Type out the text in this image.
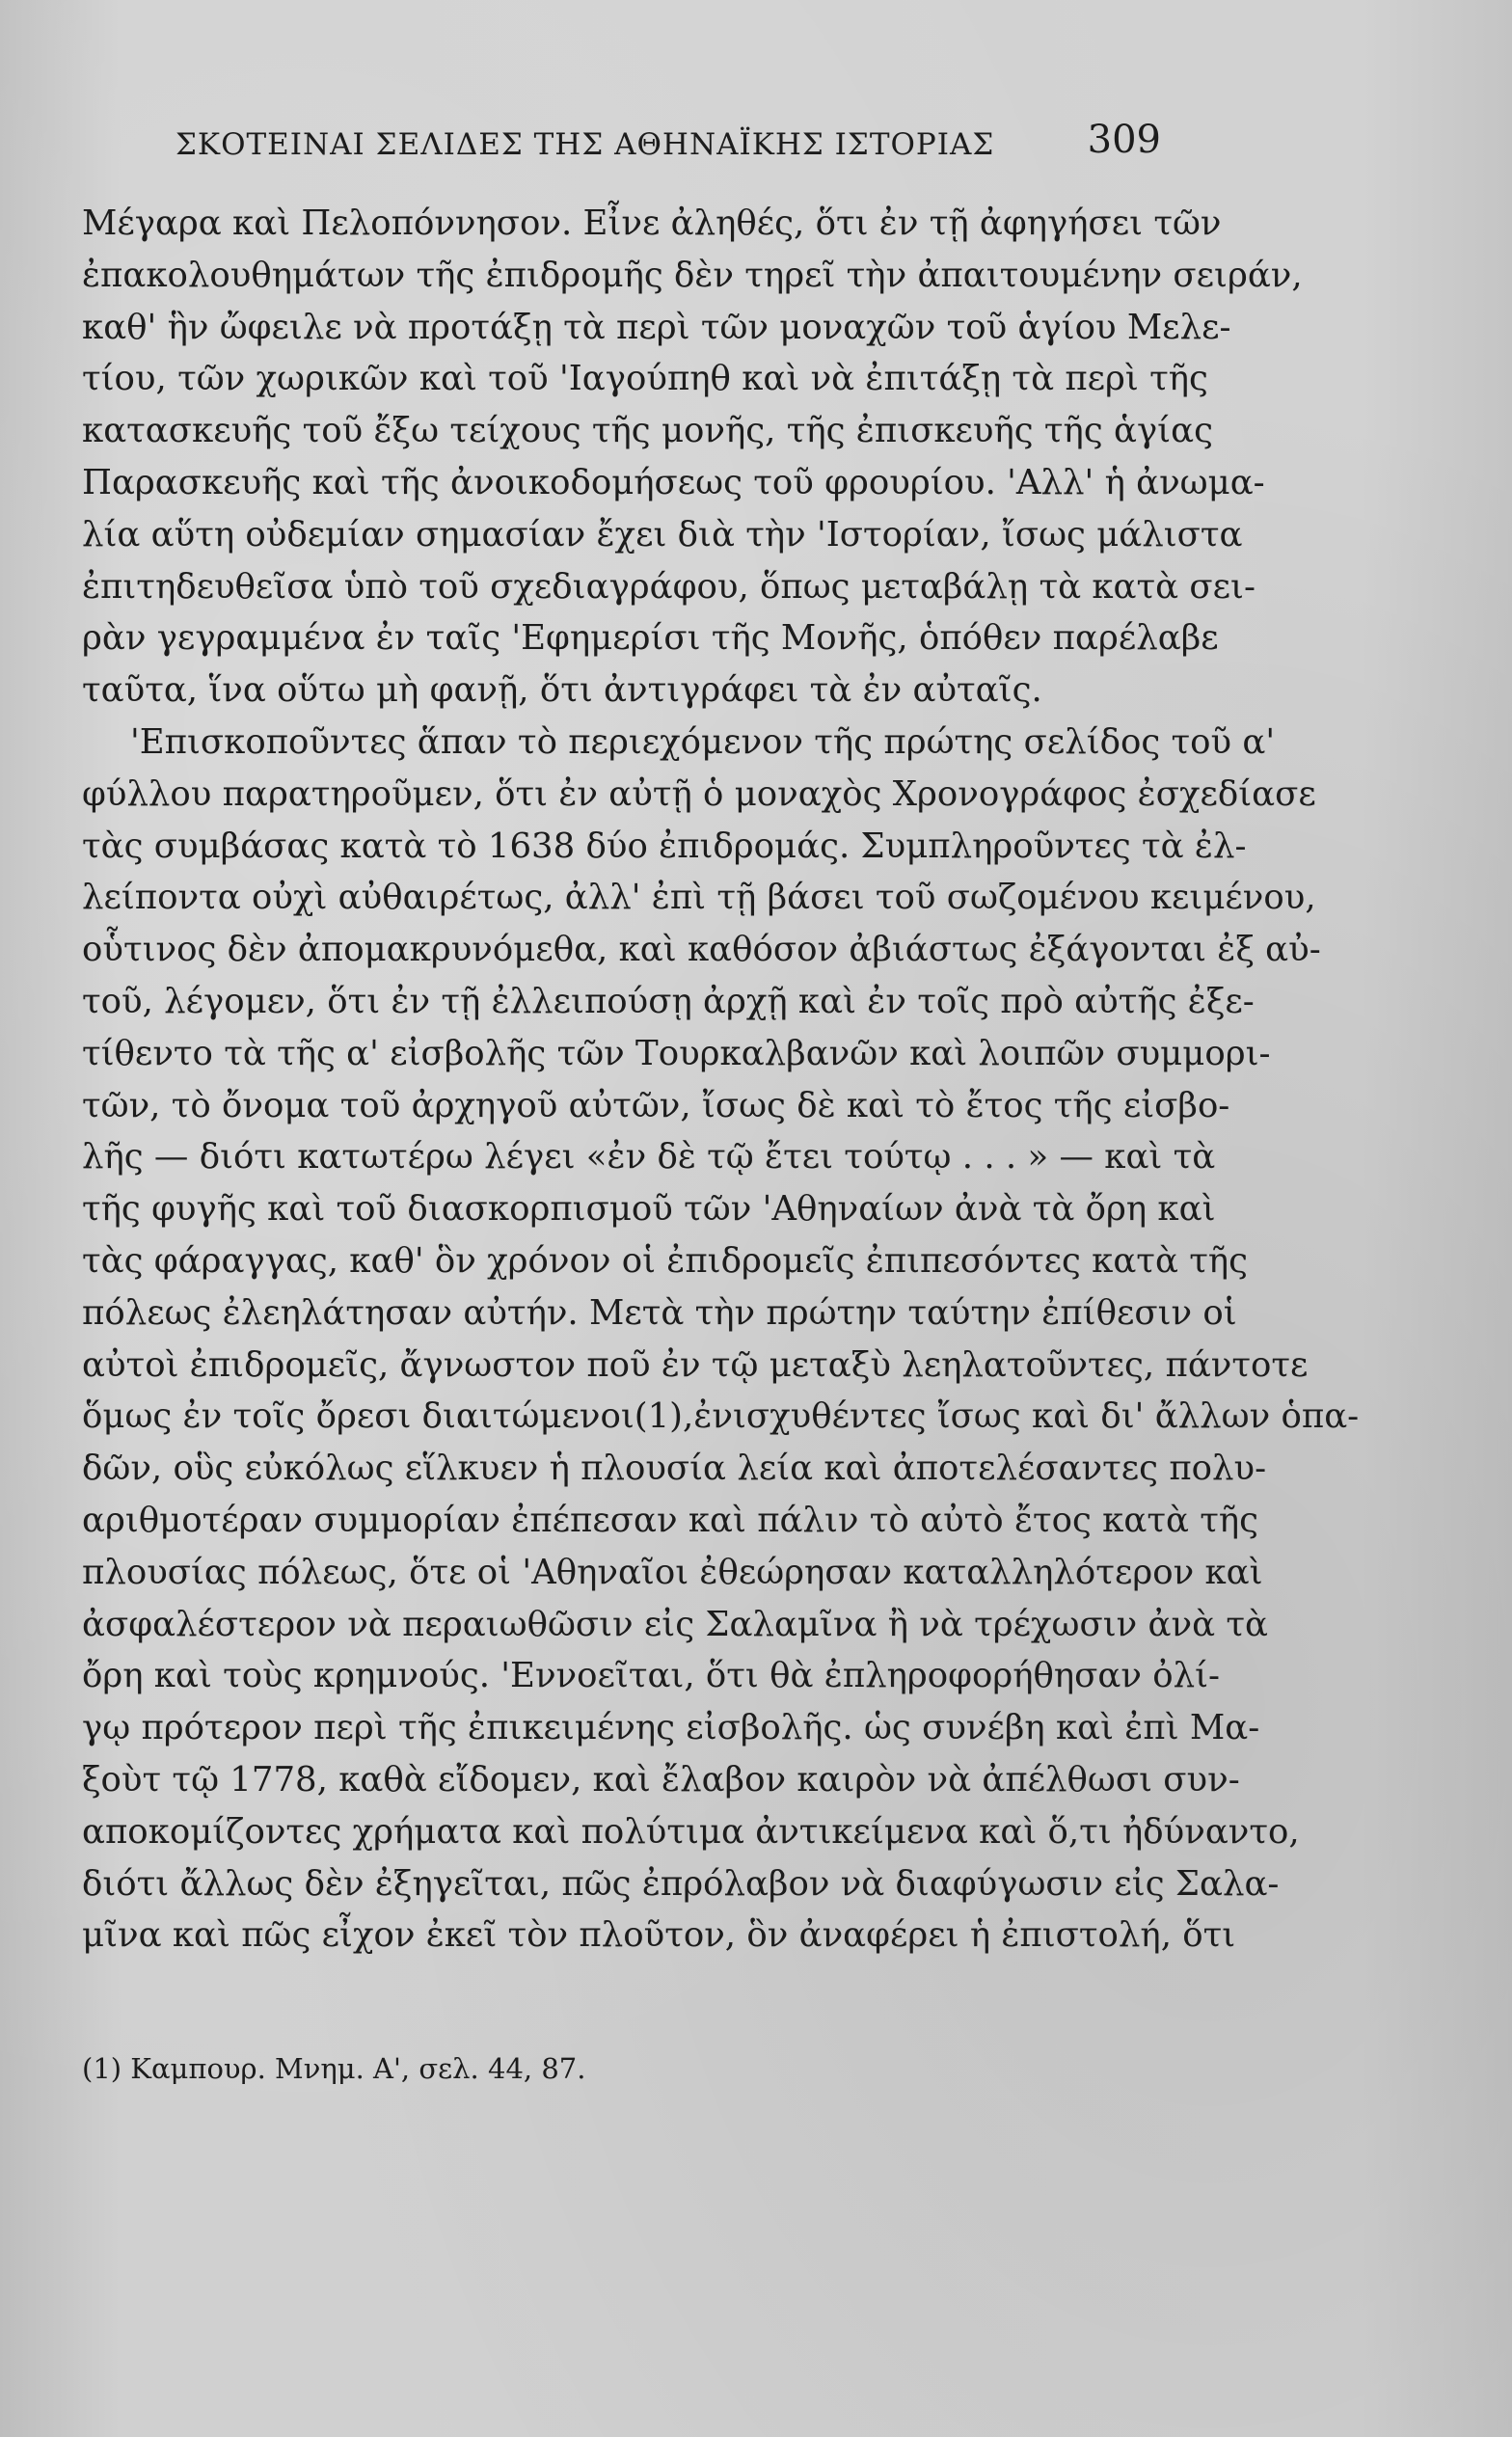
ΣΚΟΤΕΙΝΑΙ ΣΕΛΙΔΕΣ ΤΗΣ ΑΘΗΝΑΪΚΗΣ ΙΣΤΟΡΙΑΣ 309
Μέγαρα καὶ Πελοπόννησον. Εἶνε ἀληθές, ὅτι ἐν τῇ ἀφηγήσει τῶν
ἐπακολουθημάτων τῆς ἐπιδρομῆς δὲν τηρεῖ τὴν ἀπαιτουμένην σειράν,
καθ' ἣν ὤφειλε νὰ προτάξῃ τὰ περὶ τῶν μοναχῶν τοῦ ἁγίου Μελε-
τίου, τῶν χωρικῶν καὶ τοῦ 'Ιαγούπηθ καὶ νὰ ἐπιτάξῃ τὰ περὶ τῆς
κατασκευῆς τοῦ ἔξω τείχους τῆς μονῆς, τῆς ἐπισκευῆς τῆς ἁγίας
Παρασκευῆς καὶ τῆς ἀνοικοδομήσεως τοῦ φρουρίου. 'Αλλ' ἡ ἀνωμα-
λία αὕτη οὐδεμίαν σημασίαν ἔχει διὰ τὴν 'Ιστορίαν, ἴσως μάλιστα
ἐπιτηδευθεῖσα ὑπὸ τοῦ σχεδιαγράφου, ὅπως μεταβάλῃ τὰ κατὰ σει-
ρὰν γεγραμμένα ἐν ταῖς 'Εφημερίσι τῆς Μονῆς, ὁπόθεν παρέλαβε
ταῦτα, ἵνα οὕτω μὴ φανῇ, ὅτι ἀντιγράφει τὰ ἐν αὐταῖς.
'Επισκοποῦντες ἅπαν τὸ περιεχόμενον τῆς πρώτης σελίδος τοῦ α'
φύλλου παρατηροῦμεν, ὅτι ἐν αὐτῇ ὁ μοναχὸς Χρονογράφος ἐσχεδίασε
τὰς συμβάσας κατὰ τὸ 1638 δύο ἐπιδρομάς. Συμπληροῦντες τὰ ἐλ-
λείποντα οὐχὶ αὐθαιρέτως, ἀλλ' ἐπὶ τῇ βάσει τοῦ σωζομένου κειμένου,
οὗτινος δὲν ἀπομακρυνόμεθα, καὶ καθόσον ἀβιάστως ἐξάγονται ἐξ αὐ-
τοῦ, λέγομεν, ὅτι ἐν τῇ ἐλλειπούσῃ ἀρχῇ καὶ ἐν τοῖς πρὸ αὐτῆς ἐξε-
τίθεντο τὰ τῆς α' εἰσβολῆς τῶν Τουρκαλβανῶν καὶ λοιπῶν συμμορι-
τῶν, τὸ ὄνομα τοῦ ἀρχηγοῦ αὐτῶν, ἴσως δὲ καὶ τὸ ἔτος τῆς εἰσβο-
λῆς — διότι κατωτέρω λέγει «ἐν δὲ τῷ ἔτει τούτῳ . . . » — καὶ τὰ
τῆς φυγῆς καὶ τοῦ διασκορπισμοῦ τῶν 'Αθηναίων ἀνὰ τὰ ὄρη καὶ
τὰς φάραγγας, καθ' ὃν χρόνον οἱ ἐπιδρομεῖς ἐπιπεσόντες κατὰ τῆς
πόλεως ἐλεηλάτησαν αὐτήν. Μετὰ τὴν πρώτην ταύτην ἐπίθεσιν οἱ
αὐτοὶ ἐπιδρομεῖς, ἄγνωστον ποῦ ἐν τῷ μεταξὺ λεηλατοῦντες, πάντοτε
ὅμως ἐν τοῖς ὄρεσι διαιτώμενοι(1),ἐνισχυθέντες ἴσως καὶ δι' ἄλλων ὁπα-
δῶν, οὓς εὐκόλως εἵλκυεν ἡ πλουσία λεία καὶ ἀποτελέσαντες πολυ-
αριθμοτέραν συμμορίαν ἐπέπεσαν καὶ πάλιν τὸ αὐτὸ ἔτος κατὰ τῆς
πλουσίας πόλεως, ὅτε οἱ 'Αθηναῖοι ἐθεώρησαν καταλληλότερον καὶ
ἀσφαλέστερον νὰ περαιωθῶσιν εἰς Σαλαμῖνα ἢ νὰ τρέχωσιν ἀνὰ τὰ
ὄρη καὶ τοὺς κρημνούς. 'Εννοεῖται, ὅτι θὰ ἐπληροφορήθησαν ὀλί-
γῳ πρότερον περὶ τῆς ἐπικειμένης εἰσβολῆς. ὡς συνέβη καὶ ἐπὶ Μα-
ξοὺτ τῷ 1778, καθὰ εἴδομεν, καὶ ἔλαβον καιρὸν νὰ ἀπέλθωσι συν-
αποκομίζοντες χρήματα καὶ πολύτιμα ἀντικείμενα καὶ ὅ,τι ἠδύναντο,
διότι ἄλλως δὲν ἐξηγεῖται, πῶς ἐπρόλαβον νὰ διαφύγωσιν εἰς Σαλα-
μῖνα καὶ πῶς εἶχον ἐκεῖ τὸν πλοῦτον, ὃν ἀναφέρει ἡ ἐπιστολή, ὅτι
(1) Καμπουρ. Μνημ. Α', σελ. 44, 87.
